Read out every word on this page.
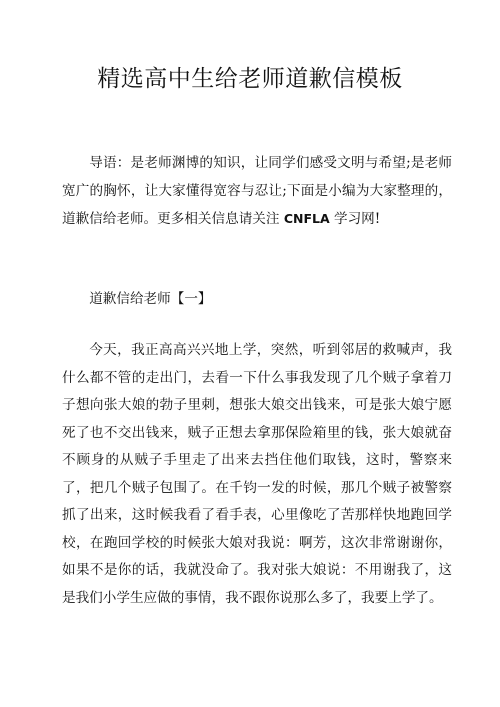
精选高中生给老师道歉信模板

导语：是老师渊博的知识，让同学们感受文明与希望;是老师宽广的胸怀，让大家懂得宽容与忍让;下面是小编为大家整理的，道歉信给老师。更多相关信息请关注 CNFLA 学习网!

道歉信给老师【一】

今天，我正高高兴兴地上学，突然，听到邻居的救喊声，我什么都不管的走出门，去看一下什么事我发现了几个贼子拿着刀子想向张大娘的勃子里刺，想张大娘交出钱来，可是张大娘宁愿死了也不交出钱来，贼子正想去拿那保险箱里的钱，张大娘就奋不顾身的从贼子手里走了出来去挡住他们取钱，这时，警察来了，把几个贼子包围了。在千钧一发的时候，那几个贼子被警察抓了出来，这时候我看了看手表，心里像吃了苦那样快地跑回学校，在跑回学校的时候张大娘对我说：啊芳，这次非常谢谢你，如果不是你的话，我就没命了。我对张大娘说：不用谢我了，这是我们小学生应做的事情，我不跟你说那么多了，我要上学了。
